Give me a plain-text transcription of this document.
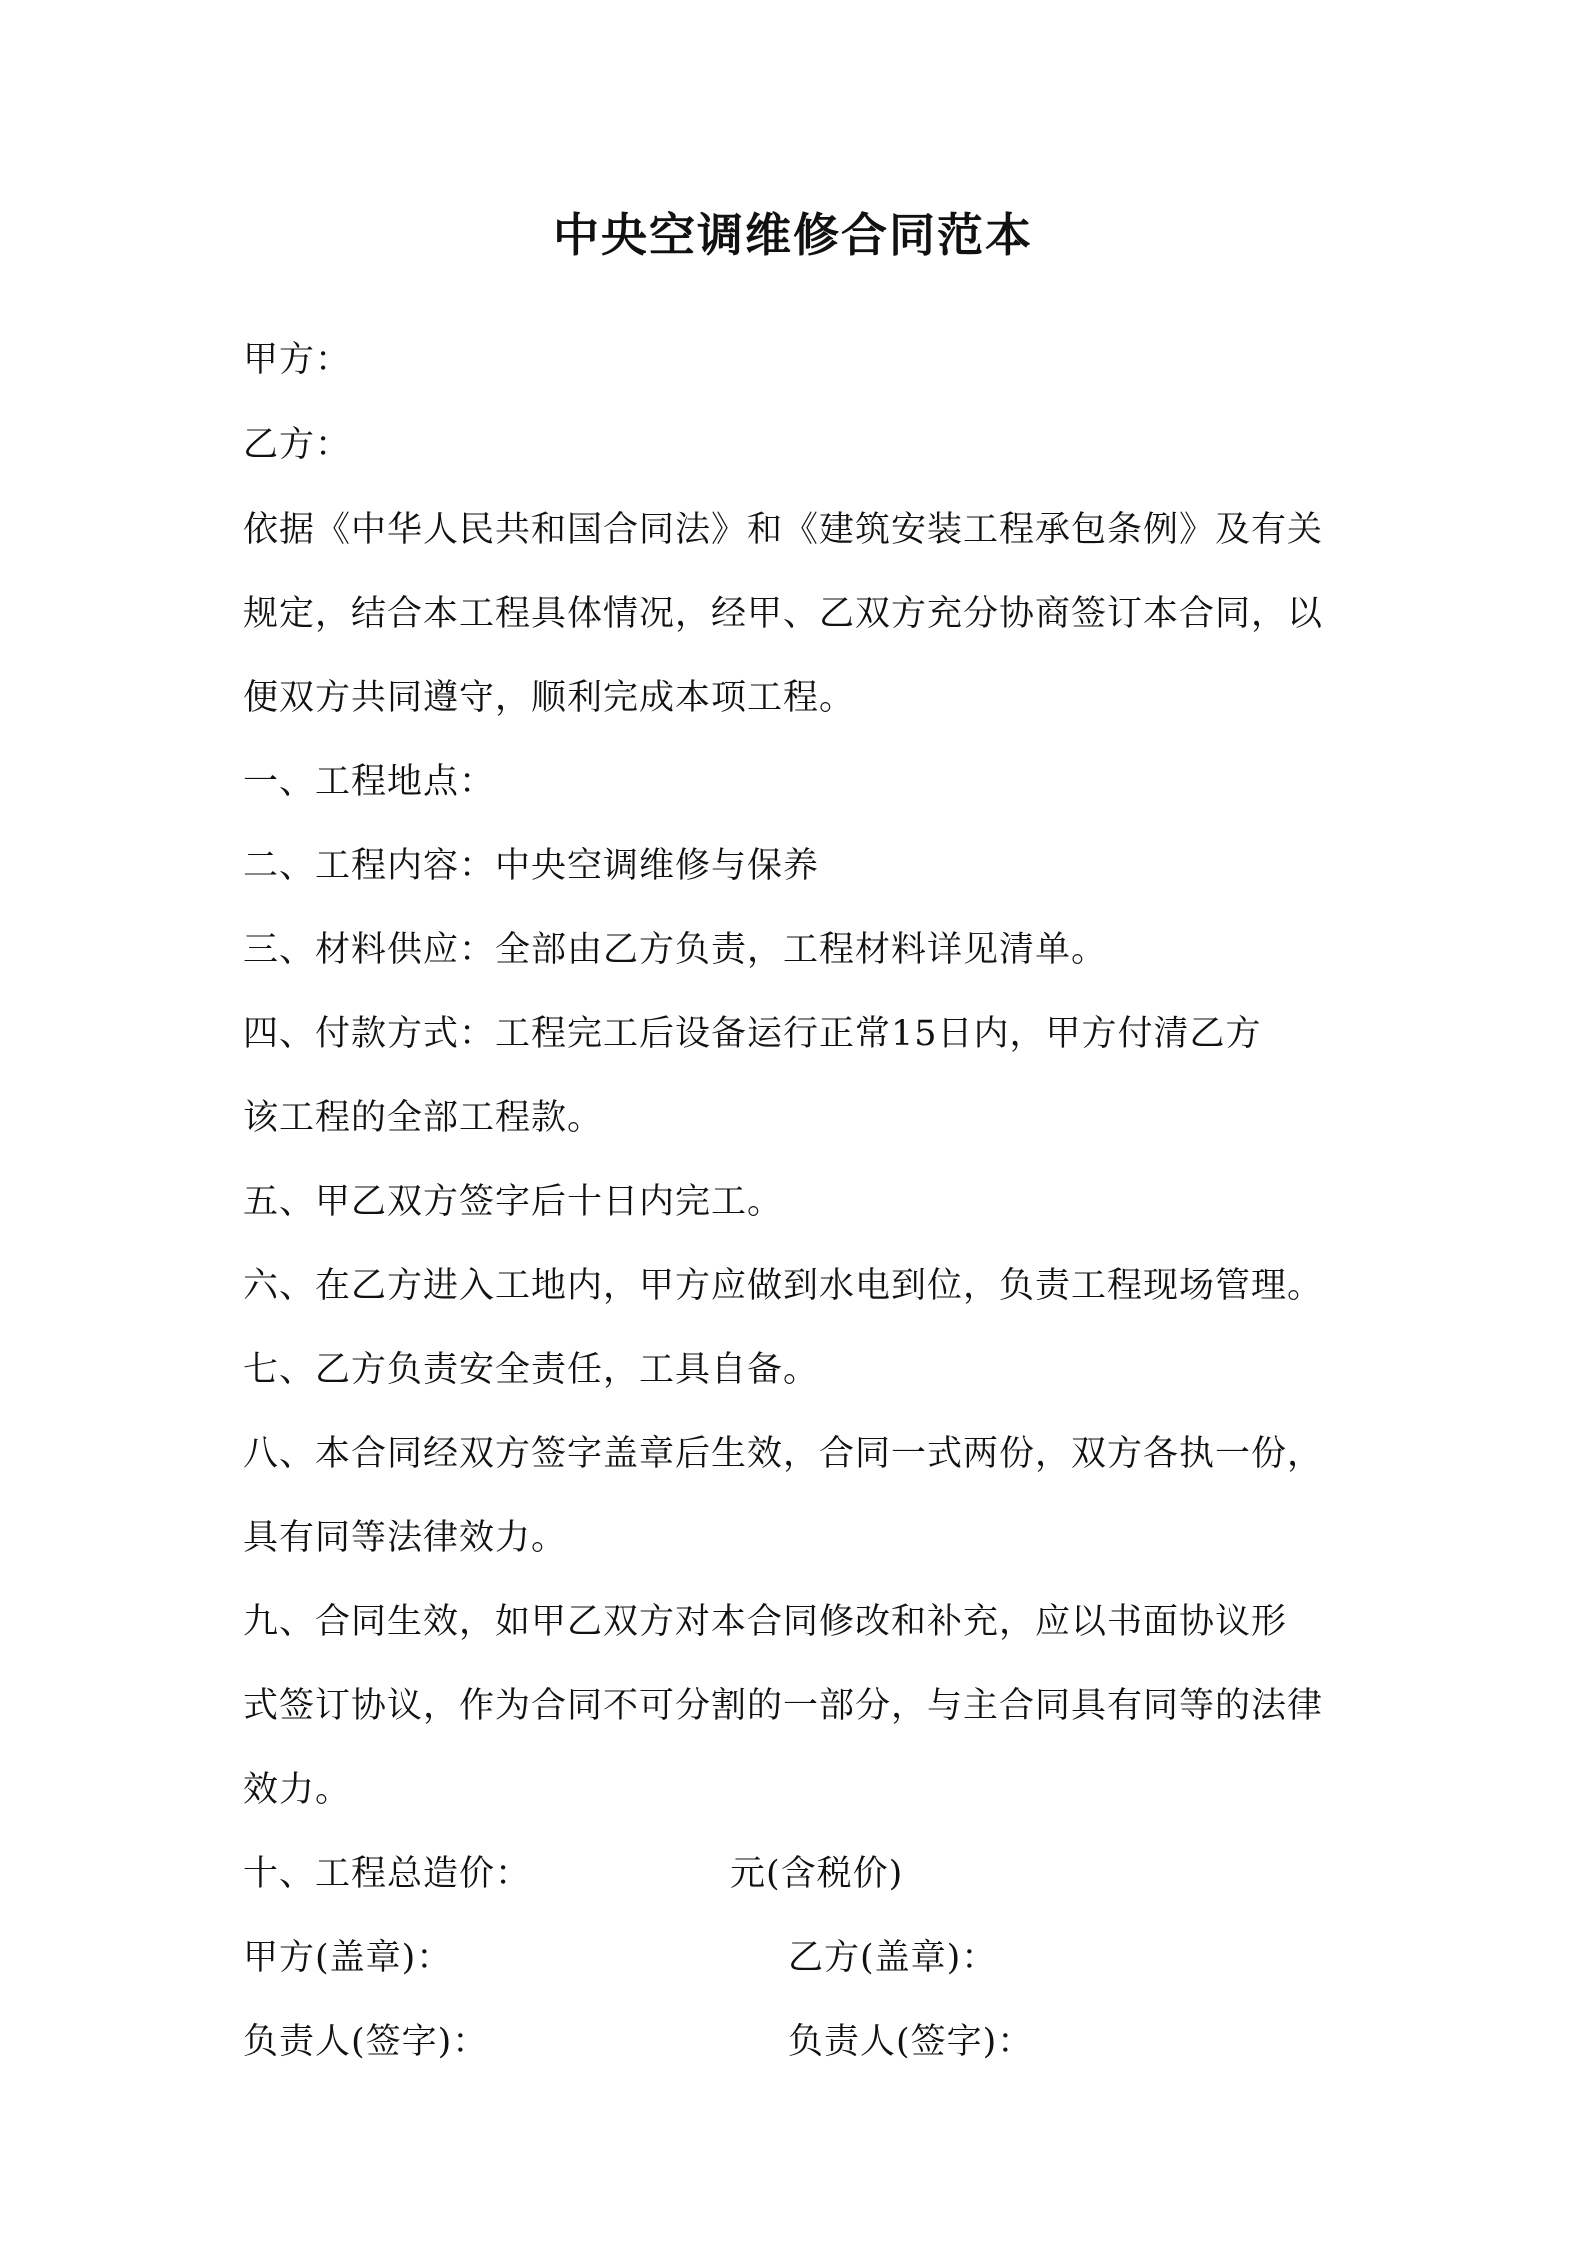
中央空调维修合同范本
甲方：
乙方：
依据《中华人民共和国合同法》和《建筑安装工程承包条例》及有关
规定，结合本工程具体情况，经甲、乙双方充分协商签订本合同，以
便双方共同遵守，顺利完成本项工程。
一、工程地点：
二、工程内容：中央空调维修与保养
三、材料供应：全部由乙方负责，工程材料详见清单。
四、付款方式：工程完工后设备运行正常15日内，甲方付清乙方
该工程的全部工程款。
五、甲乙双方签字后十日内完工。
六、在乙方进入工地内，甲方应做到水电到位，负责工程现场管理。
七、乙方负责安全责任，工具自备。
八、本合同经双方签字盖章后生效，合同一式两份，双方各执一份，
具有同等法律效力。
九、合同生效，如甲乙双方对本合同修改和补充，应以书面协议形
式签订协议，作为合同不可分割的一部分，与主合同具有同等的法律
效力。
十、工程总造价：	元(含税价)
甲方(盖章)：	乙方(盖章)：
负责人(签字)：	负责人(签字)：
